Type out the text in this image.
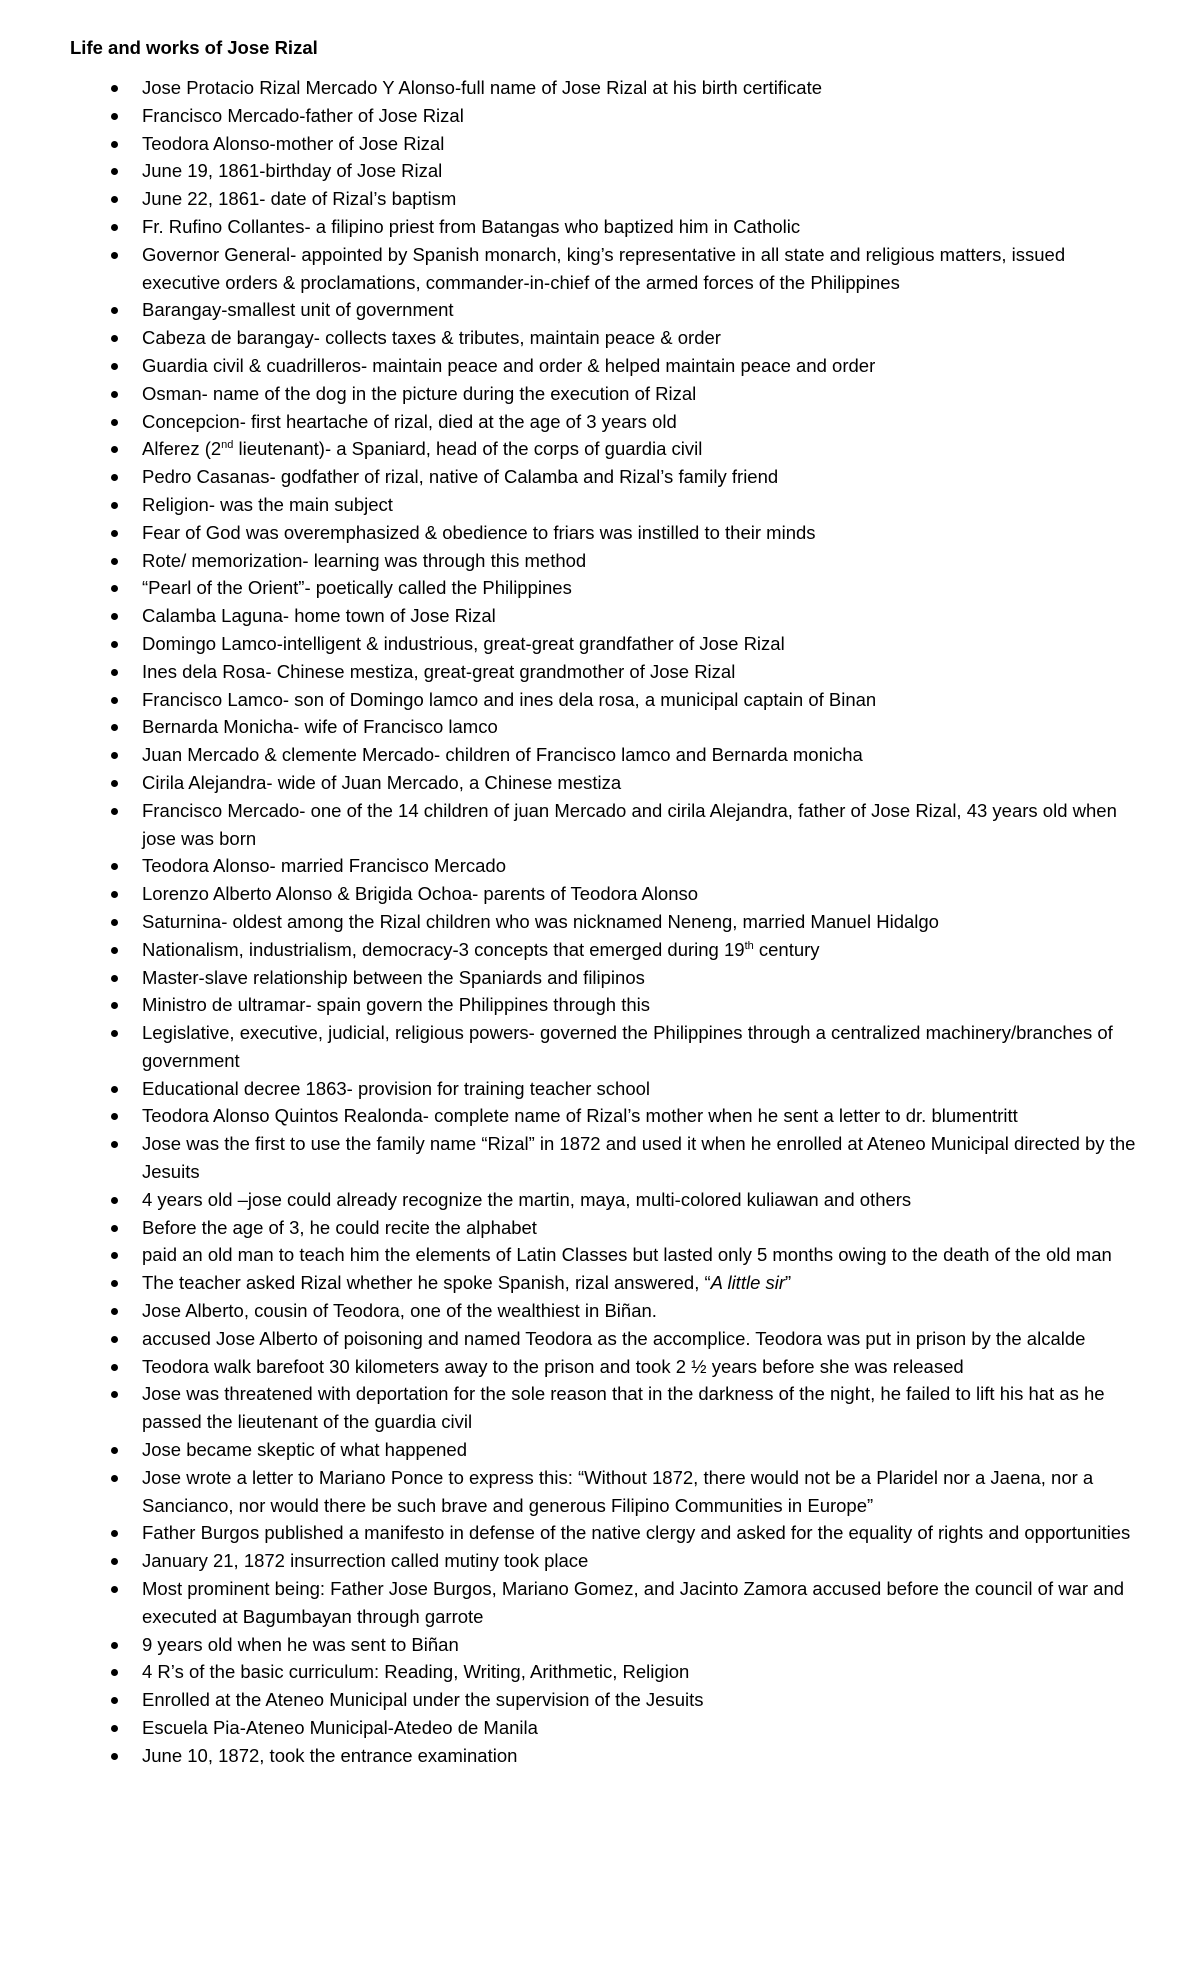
Life and works of Jose Rizal
Jose Protacio Rizal Mercado Y Alonso-full name of Jose Rizal at his birth certificate
Francisco Mercado-father of Jose Rizal
Teodora Alonso-mother of Jose Rizal
June 19, 1861-birthday of Jose Rizal
June 22, 1861- date of Rizal’s baptism
Fr. Rufino Collantes- a filipino priest from Batangas who baptized him in Catholic
Governor General- appointed by Spanish monarch, king’s representative in all state and religious matters, issued executive orders & proclamations, commander-in-chief of the armed forces of the Philippines
Barangay-smallest unit of government
Cabeza de barangay- collects taxes & tributes, maintain peace & order
Guardia civil & cuadrilleros- maintain peace and order & helped maintain peace and order
Osman- name of the dog in the picture during the execution of Rizal
Concepcion- first heartache of rizal, died at the age of 3 years old
Alferez (2nd lieutenant)- a Spaniard, head of the corps of guardia civil
Pedro Casanas- godfather of rizal, native of Calamba and Rizal’s family friend
Religion- was the main subject
Fear of God was overemphasized & obedience to friars was instilled to their minds
Rote/ memorization- learning was through this method
“Pearl of the Orient”- poetically called the Philippines
Calamba Laguna- home town of Jose Rizal
Domingo Lamco-intelligent & industrious, great-great grandfather of Jose Rizal
Ines dela Rosa- Chinese mestiza, great-great grandmother of Jose Rizal
Francisco Lamco- son of Domingo lamco and ines dela rosa, a municipal captain of Binan
Bernarda Monicha- wife of Francisco lamco
Juan Mercado & clemente Mercado- children of Francisco lamco and Bernarda monicha
Cirila Alejandra- wide of Juan Mercado, a Chinese mestiza
Francisco Mercado- one of the 14 children of juan Mercado and cirila Alejandra, father of Jose Rizal, 43 years old when jose was born
Teodora Alonso- married Francisco Mercado
Lorenzo Alberto Alonso & Brigida Ochoa- parents of Teodora Alonso
Saturnina- oldest among the Rizal children who was nicknamed Neneng, married Manuel Hidalgo
Nationalism, industrialism, democracy-3 concepts that emerged during 19th century
Master-slave relationship between the Spaniards and filipinos
Ministro de ultramar- spain govern the Philippines through this
Legislative, executive, judicial, religious powers- governed the Philippines through a centralized machinery/branches of government
Educational decree 1863- provision for training teacher school
Teodora Alonso Quintos Realonda- complete name of Rizal’s mother when he sent a letter to dr. blumentritt
Jose was the first to use the family name “Rizal” in 1872 and used it when he enrolled at Ateneo Municipal directed by the Jesuits
4 years old –jose could already recognize the martin, maya, multi-colored kuliawan and others
Before the age of 3, he could recite the alphabet
paid an old man to teach him the elements of Latin Classes but lasted only 5 months owing to the death of the old man
The teacher asked Rizal whether he spoke Spanish, rizal answered, “A little sir”
Jose Alberto, cousin of Teodora, one of the wealthiest in Biñan.
accused Jose Alberto of poisoning and named Teodora as the accomplice. Teodora was put in prison by the alcalde
Teodora walk barefoot 30 kilometers away to the prison and took 2 ½ years before she was released
Jose was threatened with deportation for the sole reason that in the darkness of the night, he failed to lift his hat as he passed the lieutenant of the guardia civil
Jose became skeptic of what happened
Jose wrote a letter to Mariano Ponce to express this: “Without 1872, there would not be a Plaridel nor a Jaena, nor a Sancianco, nor would there be such brave and generous Filipino Communities in Europe”
Father Burgos published a manifesto in defense of the native clergy and asked for the equality of rights and opportunities
January 21, 1872 insurrection called mutiny took place
Most prominent being: Father Jose Burgos, Mariano Gomez, and Jacinto Zamora accused before the council of war and executed at Bagumbayan through garrote
9 years old when he was sent to Biñan
4 R’s of the basic curriculum: Reading, Writing, Arithmetic, Religion
Enrolled at the Ateneo Municipal under the supervision of the Jesuits
Escuela Pia-Ateneo Municipal-Atedeo de Manila
June 10, 1872, took the entrance examination
